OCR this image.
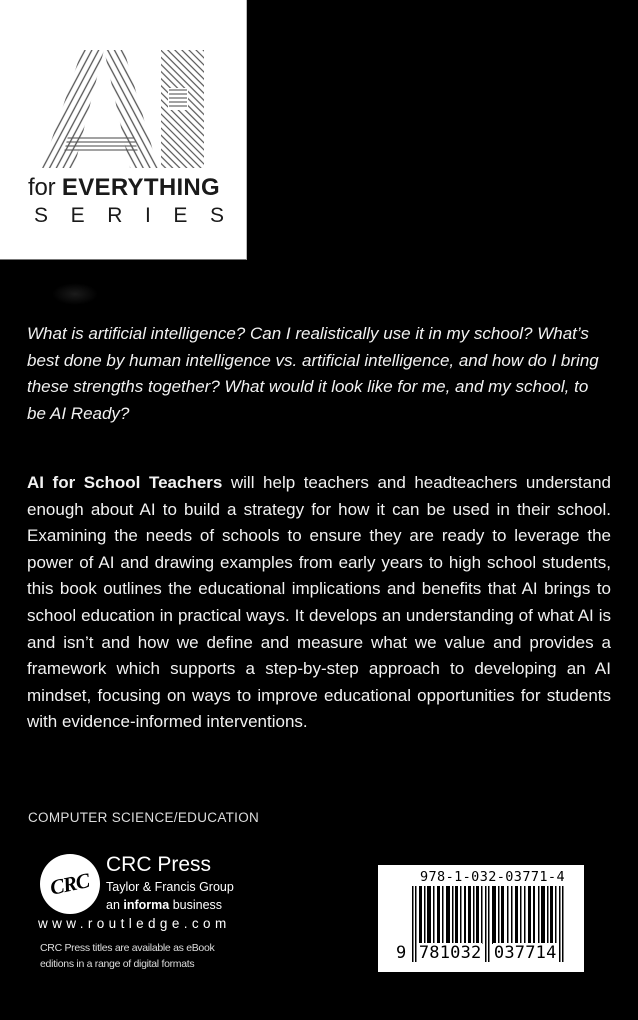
for EVERYTHING
S E R I E S

What is artificial intelligence? Can I realistically use it in my school? What’s best done by human intelligence vs. artificial intelligence, and how do I bring these strengths together? What would it look like for me, and my school, to be AI Ready?

AI for School Teachers will help teachers and headteachers understand enough about AI to build a strategy for how it can be used in their school. Examining the needs of schools to ensure they are ready to leverage the power of AI and drawing examples from early years to high school students, this book outlines the educational implications and benefits that AI brings to school education in practical ways. It develops an understanding of what AI is and isn’t and how we define and measure what we value and provides a framework which supports a step-by-step approach to developing an AI mindset, focusing on ways to improve educational opportunities for students with evidence-informed interventions.

COMPUTER SCIENCE/EDUCATION
CRC
CRC Press
Taylor & Francis Group
an informa business
www.routledge.com
CRC Press titles are available as eBook editions in a range of digital formats
978-1-032-03771-4
9 781032 037714
